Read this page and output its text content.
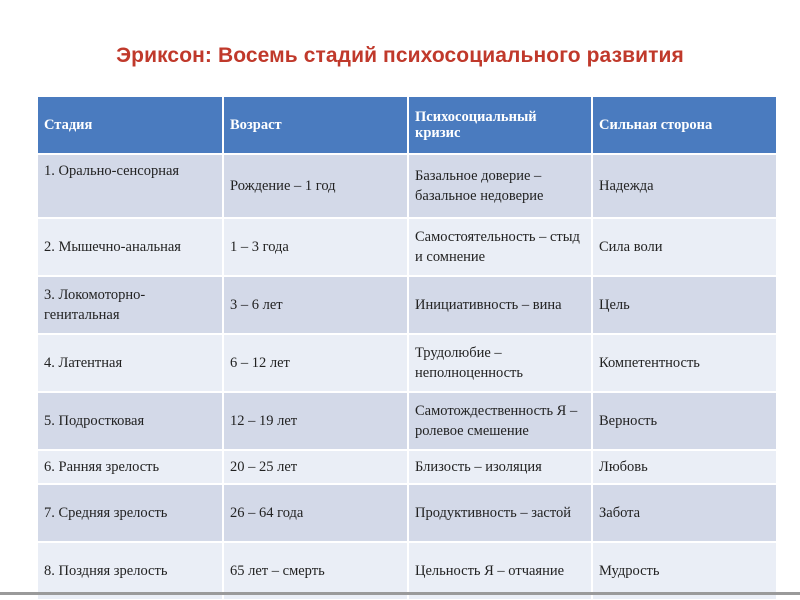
Эриксон: Восемь стадий психосоциального развития
Стадия	Возраст	Психосоциальный кризис	Сильная сторона
1. Орально-сенсорная	Рождение – 1 год	Базальное доверие – базальное недоверие	Надежда
2. Мышечно-анальная	1 – 3 года	Самостоятельность – стыд и сомнение	Сила воли
3. Локомоторно-генитальная	3 – 6 лет	Инициативность – вина	Цель
4. Латентная	6 – 12 лет	Трудолюбие – неполноценность	Компетентность
5. Подростковая	12 – 19 лет	Самотождественность Я – ролевое смешение	Верность
6. Ранняя зрелость	20 – 25 лет	Близость – изоляция	Любовь
7. Средняя зрелость	26 – 64 года	Продуктивность – застой	Забота
8. Поздняя зрелость	65 лет – смерть	Цельность Я – отчаяние	Мудрость
